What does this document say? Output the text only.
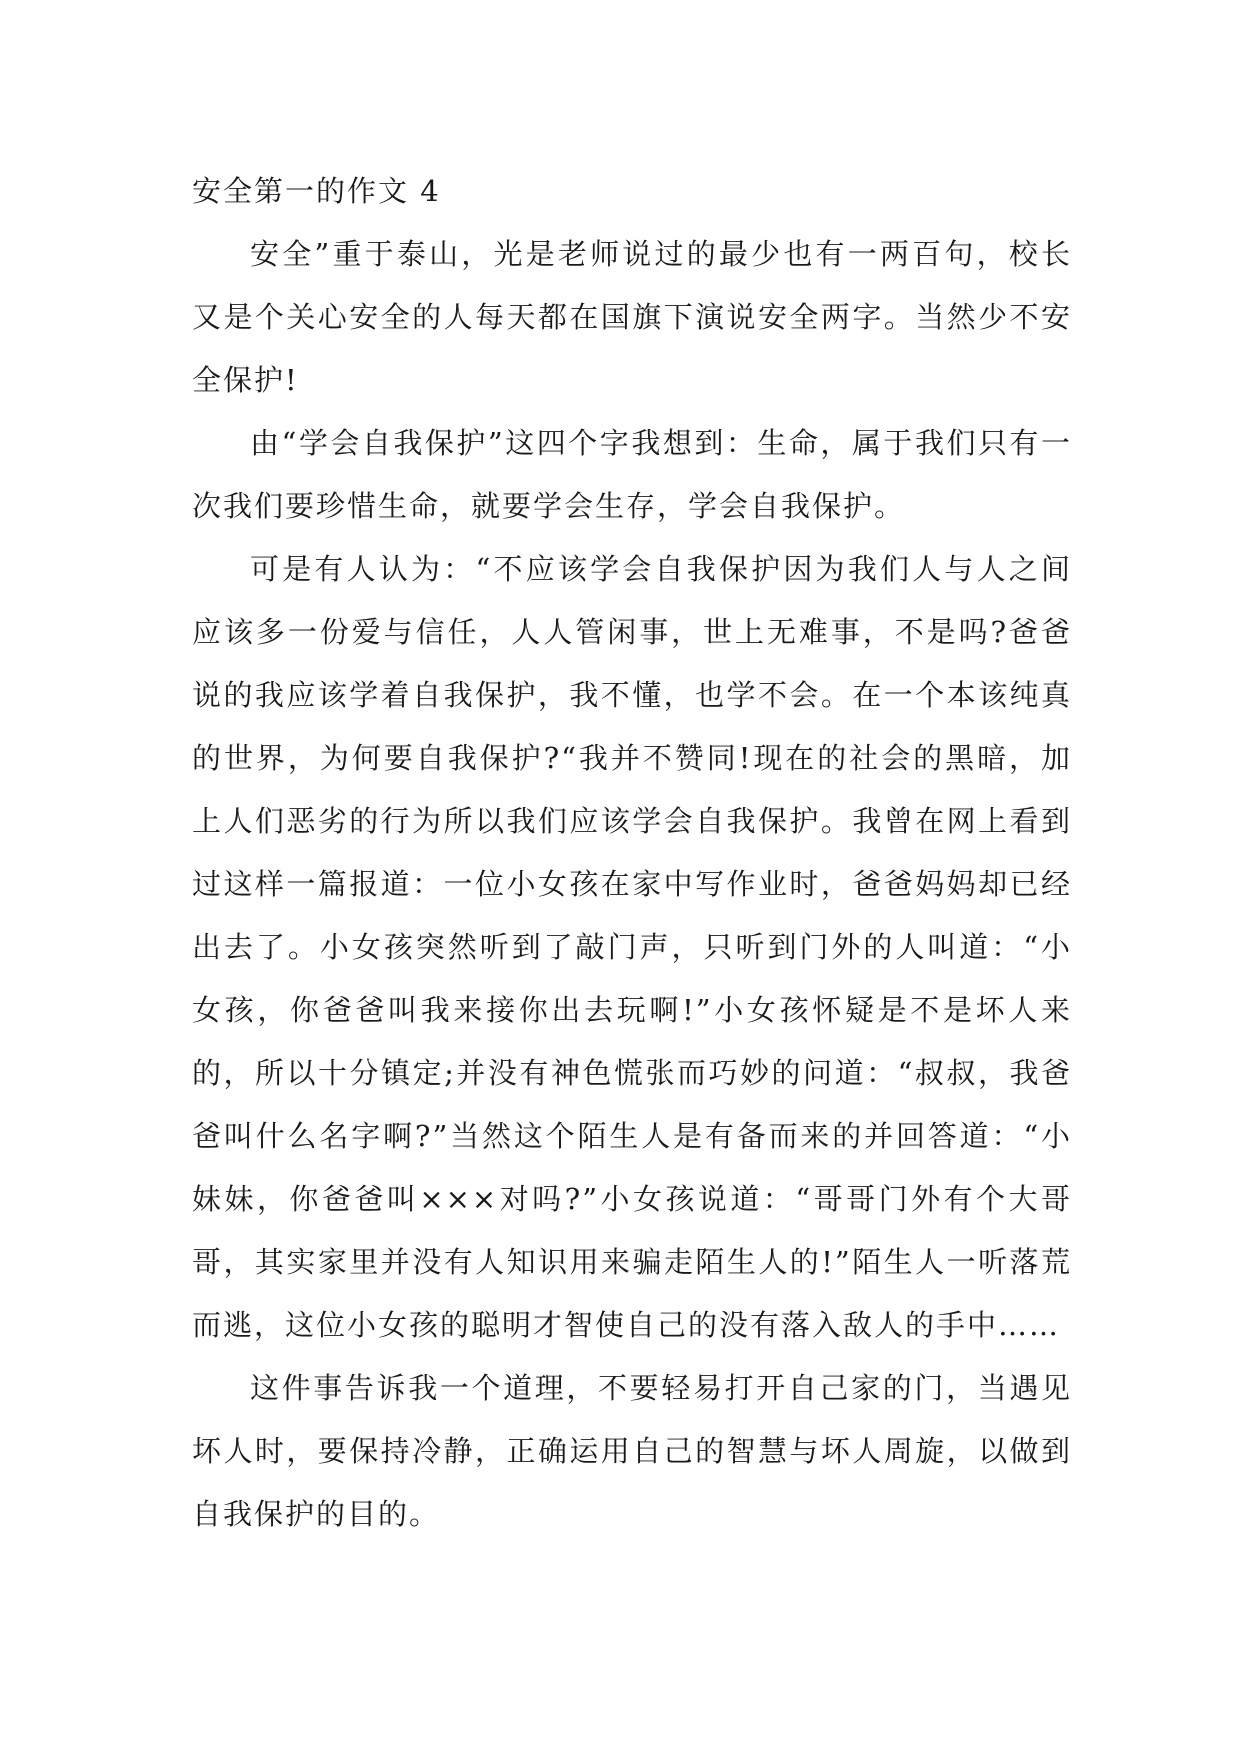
安全第一的作文 4

安全”重于泰山，光是老师说过的最少也有一两百句，校长又是个关心安全的人每天都在国旗下演说安全两字。当然少不安全保护!

由“学会自我保护”这四个字我想到：生命，属于我们只有一次我们要珍惜生命，就要学会生存，学会自我保护。

可是有人认为：“不应该学会自我保护因为我们人与人之间应该多一份爱与信任，人人管闲事，世上无难事，不是吗?爸爸说的我应该学着自我保护，我不懂，也学不会。在一个本该纯真的世界，为何要自我保护?“我并不赞同!现在的社会的黑暗，加上人们恶劣的行为所以我们应该学会自我保护。我曾在网上看到过这样一篇报道：一位小女孩在家中写作业时，爸爸妈妈却已经出去了。小女孩突然听到了敲门声，只听到门外的人叫道：“小女孩，你爸爸叫我来接你出去玩啊!”小女孩怀疑是不是坏人来的，所以十分镇定;并没有神色慌张而巧妙的问道：“叔叔，我爸爸叫什么名字啊?”当然这个陌生人是有备而来的并回答道：“小妹妹，你爸爸叫×××对吗?”小女孩说道：“哥哥门外有个大哥哥，其实家里并没有人知识用来骗走陌生人的!”陌生人一听落荒而逃，这位小女孩的聪明才智使自己的没有落入敌人的手中……

这件事告诉我一个道理，不要轻易打开自己家的门，当遇见坏人时，要保持冷静，正确运用自己的智慧与坏人周旋，以做到自我保护的目的。
